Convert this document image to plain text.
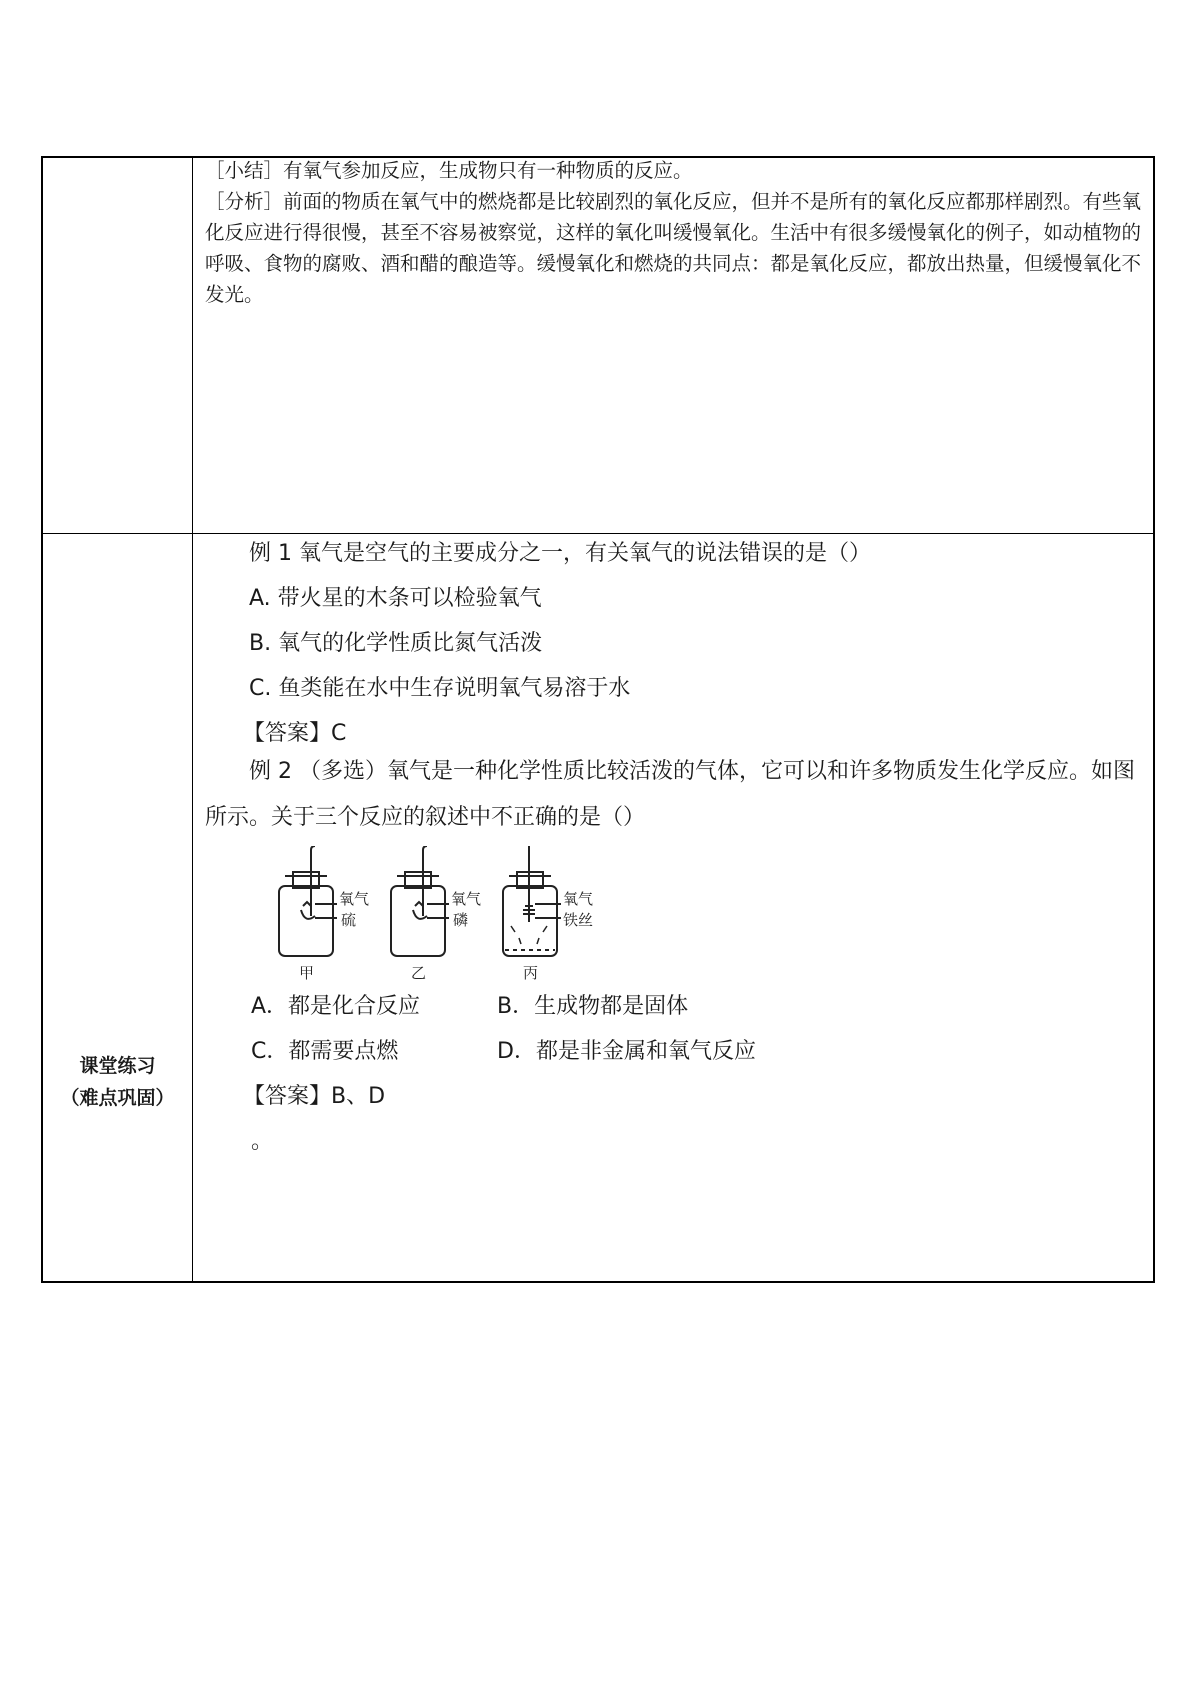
［小结］有氧气参加反应，生成物只有一种物质的反应。

［分析］前面的物质在氧气中的燃烧都是比较剧烈的氧化反应，但并不是所有的氧化反应都那样剧烈。有些氧化反应进行得很慢，甚至不容易被察觉，这样的氧化叫缓慢氧化。生活中有很多缓慢氧化的例子，如动植物的呼吸、食物的腐败、酒和醋的酿造等。缓慢氧化和燃烧的共同点：都是氧化反应，都放出热量，但缓慢氧化不发光。

课堂练习
（难点巩固）
例 1 氧气是空气的主要成分之一，有关氧气的说法错误的是（）
A. 带火星的木条可以检验氧气
B. 氧气的化学性质比氮气活泼
C. 鱼类能在水中生存说明氧气易溶于水
【答案】C

例 2 （多选）氧气是一种化学性质比较活泼的气体，它可以和许多物质发生化学反应。如图所示。关于三个反应的叙述中不正确的是（）

氧气
硫
甲
氧气
磷
乙
氧气
铁丝
丙
A．都是化合反应	B．生成物都是固体
C．都需要点燃	D．都是非金属和氧气反应
【答案】B、D
。
